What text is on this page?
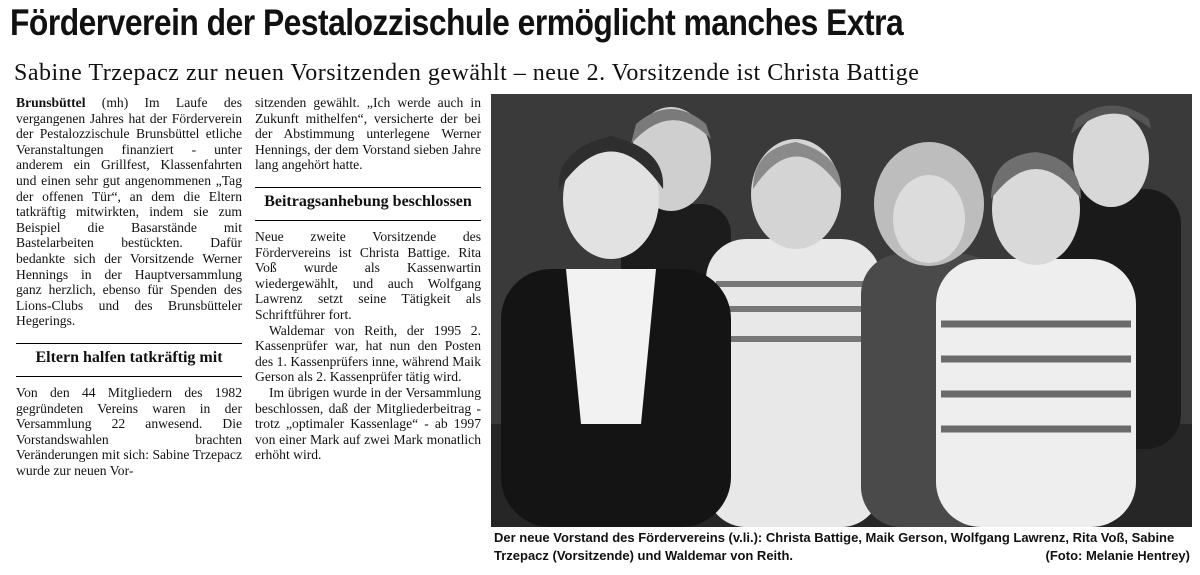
Förderverein der Pestalozzischule ermöglicht manches Extra
Sabine Trzepacz zur neuen Vorsitzenden gewählt – neue 2. Vorsitzende ist Christa Battige

Brunsbüttel (mh) Im Laufe des vergangenen Jahres hat der Förderverein der Pestalozzischule Brunsbüttel etliche Veranstaltungen finanziert - unter anderem ein Grillfest, Klassenfahrten und einen sehr gut angenommenen „Tag der offenen Tür“, an dem die Eltern tatkräftig mitwirkten, indem sie zum Beispiel die Basarstände mit Bastelarbeiten bestückten. Dafür bedankte sich der Vorsitzende Werner Hennings in der Hauptversammlung ganz herzlich, ebenso für Spenden des Lions-Clubs und des Brunsbütteler Hegerings.

Eltern halfen tatkräftig mit

Von den 44 Mitgliedern des 1982 gegründeten Vereins waren in der Versammlung 22 anwesend. Die Vorstandswahlen brachten Veränderungen mit sich: Sabine Trzepacz wurde zur neuen Vor-

sitzenden gewählt. „Ich werde auch in Zukunft mithelfen“, versicherte der bei der Abstimmung unterlegene Werner Hennings, der dem Vorstand sieben Jahre lang angehört hatte.

Beitragsanhebung beschlossen

Neue zweite Vorsitzende des Fördervereins ist Christa Battige. Rita Voß wurde als Kassenwartin wiedergewählt, und auch Wolfgang Lawrenz setzt seine Tätigkeit als Schriftführer fort.

Waldemar von Reith, der 1995 2. Kassenprüfer war, hat nun den Posten des 1. Kassenprüfers inne, während Maik Gerson als 2. Kassenprüfer tätig wird.

Im übrigen wurde in der Versammlung beschlossen, daß der Mitgliederbeitrag - trotz „optimaler Kassenlage“ - ab 1997 von einer Mark auf zwei Mark monatlich erhöht wird.

Der neue Vorstand des Fördervereins (v.li.): Christa Battige, Maik Gerson, Wolfgang Lawrenz, Rita Voß, Sabine Trzepacz (Vorsitzende) und Waldemar von Reith.	(Foto: Melanie Hentrey)
